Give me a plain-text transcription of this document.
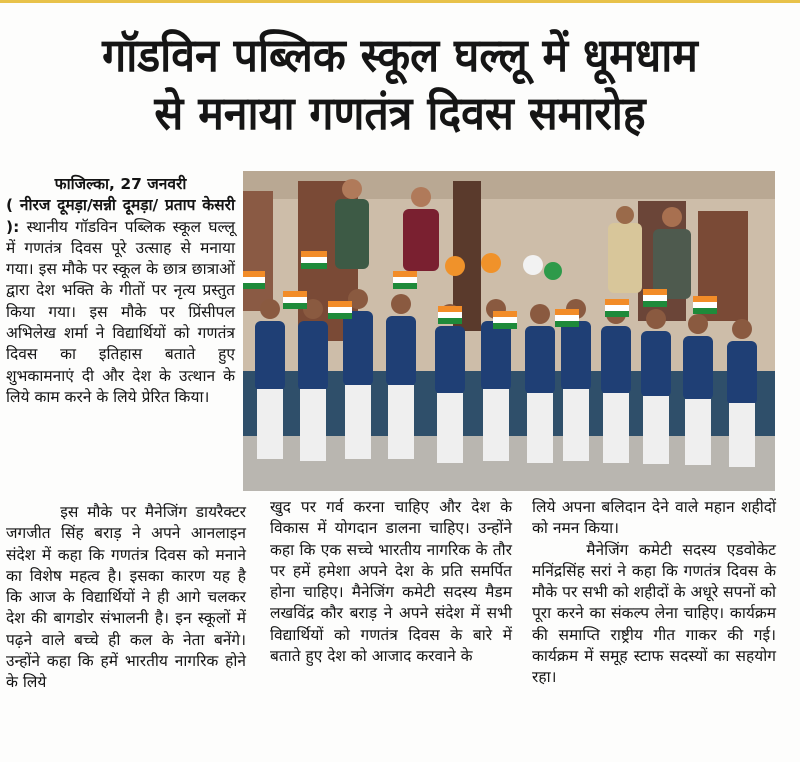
गॉडविन पब्लिक स्कूल घल्लू में धूमधाम
से मनाया गणतंत्र दिवस समारोह

फाजिल्का, 27 जनवरी
( नीरज दूमड़ा/सन्नी दूमड़ा/ प्रताप केसरी ): स्थानीय गॉडविन पब्लिक स्कूल घल्लू में गणतंत्र दिवस पूरे उत्साह से मनाया गया। इस मौके पर स्कूल के छात्र छात्राओं द्वारा देश भक्ति के गीतों पर नृत्य प्रस्तुत किया गया। इस मौके पर प्रिंसीपल अभिलेख शर्मा ने विद्यार्थियों को गणतंत्र दिवस का इतिहास बताते हुए शुभकामनाएं दी और देश के उत्थान के लिये काम करने के लिये प्रेरित किया।

इस मौके पर मैनेजिंग डायरैक्टर जगजीत सिंह बराड़ ने अपने आनलाइन संदेश में कहा कि गणतंत्र दिवस को मनाने का विशेष महत्व है। इसका कारण यह है कि आज के विद्यार्थियों ने ही आगे चलकर देश की बागडोर संभालनी है। इन स्कूलों में पढ़ने वाले बच्चे ही कल के नेता बनेंगे। उन्होंने कहा कि हमें भारतीय नागरिक होने के लिये

खुद पर गर्व करना चाहिए और देश के विकास में योगदान डालना चाहिए। उन्होंने कहा कि एक सच्चे भारतीय नागरिक के तौर पर हमें हमेशा अपने देश के प्रति समर्पित होना चाहिए। मैनेजिंग कमेटी सदस्य मैडम लखविंद्र कौर बराड़ ने अपने संदेश में सभी विद्यार्थियों को गणतंत्र दिवस के बारे में बताते हुए देश को आजाद करवाने के

लिये अपना बलिदान देने वाले महान शहीदों को नमन किया।

मैनेजिंग कमेटी सदस्य एडवोकेट मनिंद्रसिंह सरां ने कहा कि गणतंत्र दिवस के मौके पर सभी को शहीदों के अधूरे सपनों को पूरा करने का संकल्प लेना चाहिए। कार्यक्रम की समाप्ति राष्ट्रीय गीत गाकर की गई। कार्यक्रम में समूह स्टाफ सदस्यों का सहयोग रहा।
